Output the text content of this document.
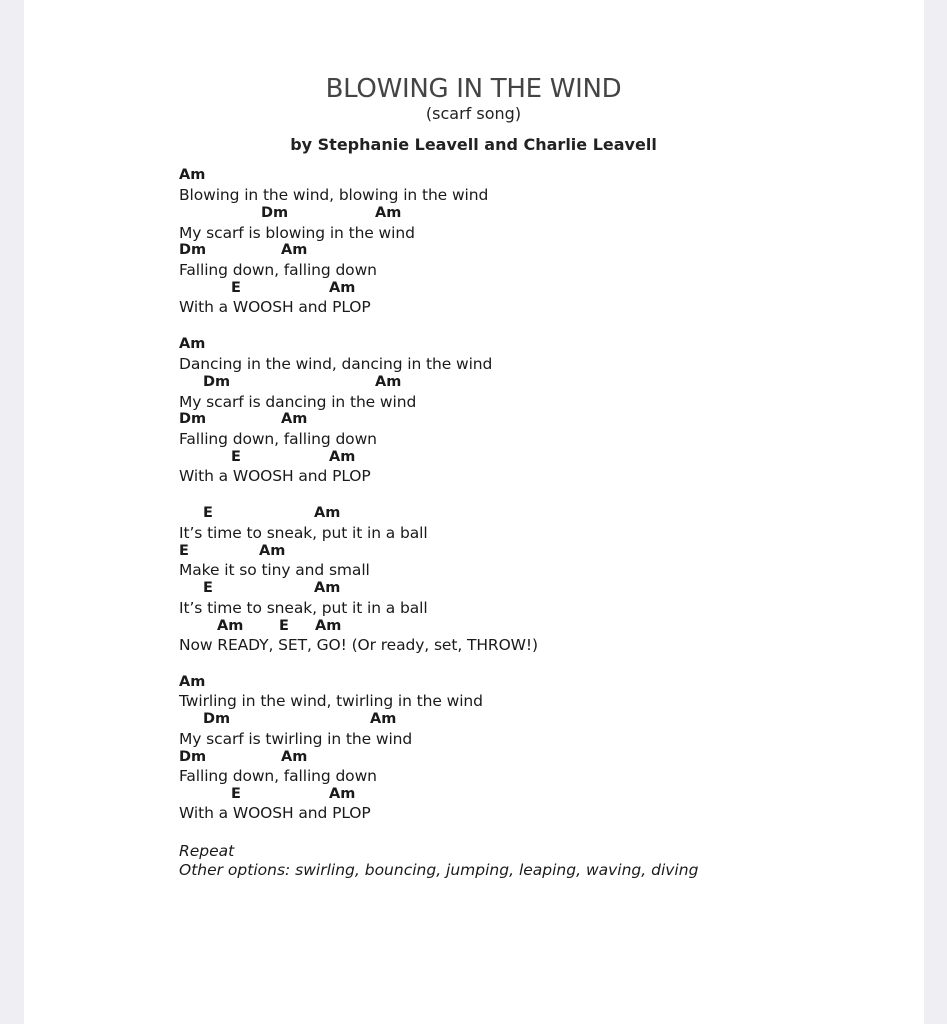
BLOWING IN THE WIND
(scarf song)
by Stephanie Leavell and Charlie Leavell
Am
Blowing in the wind, blowing in the wind
Dm	Am
My scarf is blowing in the wind
Dm	Am
Falling down, falling down
E	Am
With a WOOSH and PLOP
Am
Dancing in the wind, dancing in the wind
Dm	Am
My scarf is dancing in the wind
Dm	Am
Falling down, falling down
E	Am
With a WOOSH and PLOP
E	Am
It’s time to sneak, put it in a ball
E	Am
Make it so tiny and small
E	Am
It’s time to sneak, put it in a ball
Am E Am
Now READY, SET, GO! (Or ready, set, THROW!)
Am
Twirling in the wind, twirling in the wind
Dm	Am
My scarf is twirling in the wind
Dm	Am
Falling down, falling down
E	Am
With a WOOSH and PLOP
Repeat
Other options: swirling, bouncing, jumping, leaping, waving, diving
